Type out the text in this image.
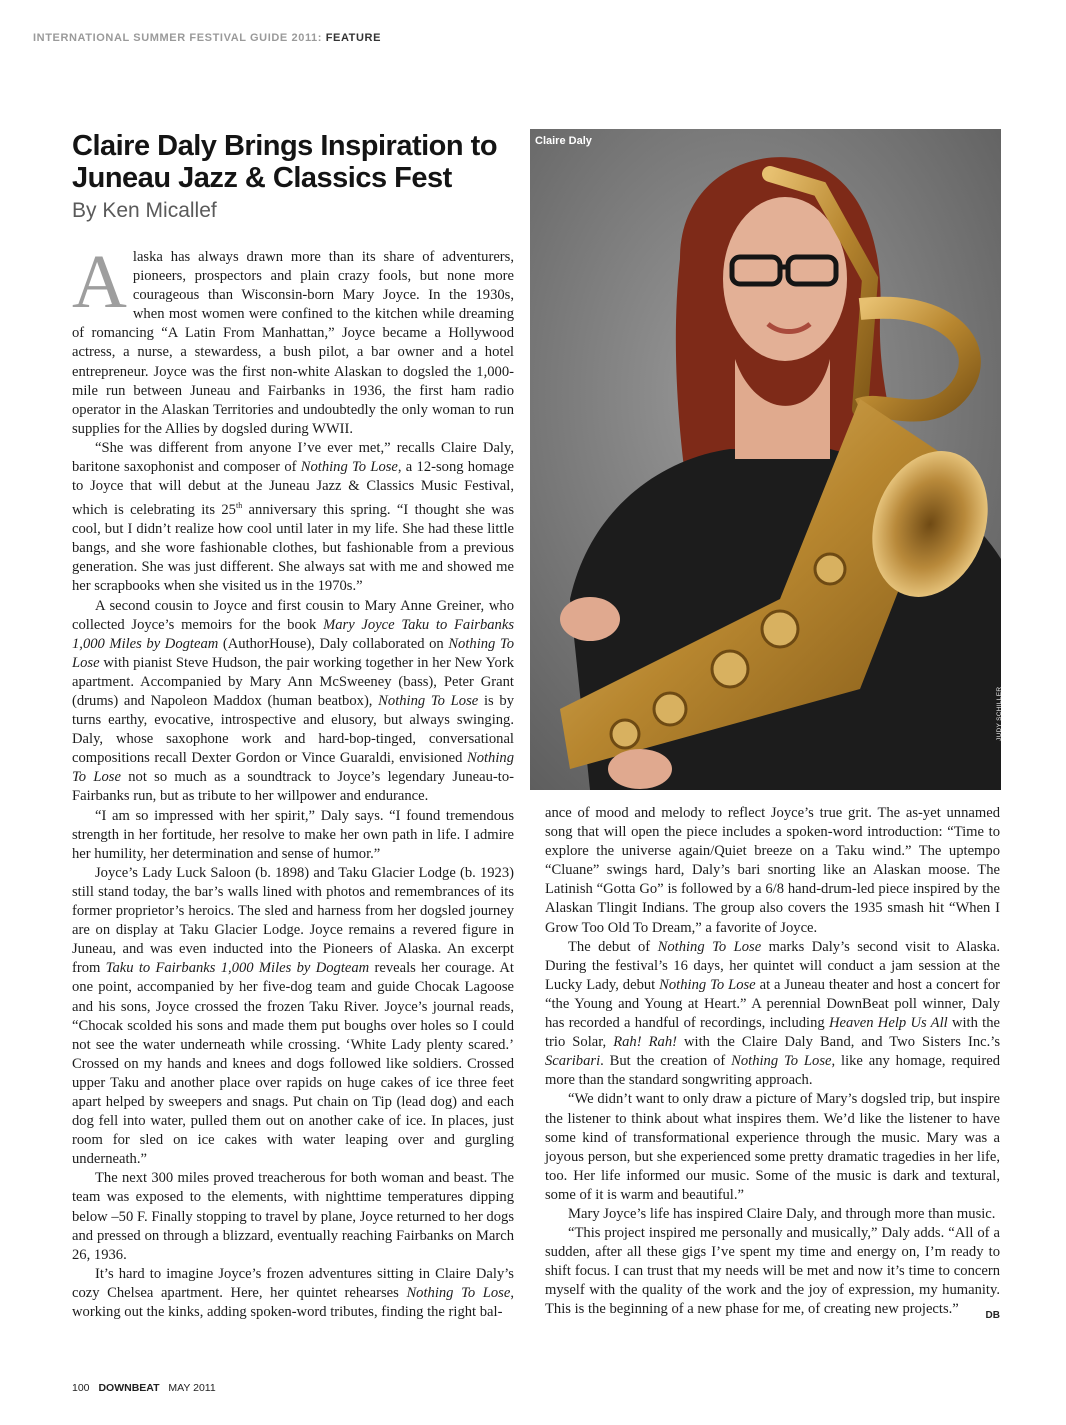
INTERNATIONAL SUMMER FESTIVAL GUIDE 2011: FEATURE
Claire Daly Brings Inspiration to Juneau Jazz & Classics Fest
By Ken Micallef

Alaska has always drawn more than its share of adventurers, pioneers, prospectors and plain crazy fools, but none more courageous than Wisconsin-born Mary Joyce. In the 1930s, when most women were confined to the kitchen while dreaming of romancing “A Latin From Manhattan,” Joyce became a Hollywood actress, a nurse, a stewardess, a bush pilot, a bar owner and a hotel entrepreneur. Joyce was the first non-white Alaskan to dogsled the 1,000-mile run between Juneau and Fairbanks in 1936, the first ham radio operator in the Alaskan Territories and undoubtedly the only woman to run supplies for the Allies by dogsled during WWII.

“She was different from anyone I’ve ever met,” recalls Claire Daly, baritone saxophonist and composer of Nothing To Lose, a 12-song homage to Joyce that will debut at the Juneau Jazz & Classics Music Festival, which is celebrating its 25th anniversary this spring. “I thought she was cool, but I didn’t realize how cool until later in my life. She had these little bangs, and she wore fashionable clothes, but fashionable from a previous generation. She was just different. She always sat with me and showed me her scrapbooks when she visited us in the 1970s.”

A second cousin to Joyce and first cousin to Mary Anne Greiner, who collected Joyce’s memoirs for the book Mary Joyce Taku to Fairbanks 1,000 Miles by Dogteam (AuthorHouse), Daly collaborated on Nothing To Lose with pianist Steve Hudson, the pair working together in her New York apartment. Accompanied by Mary Ann McSweeney (bass), Peter Grant (drums) and Napoleon Maddox (human beatbox), Nothing To Lose is by turns earthy, evocative, introspective and elusory, but always swinging. Daly, whose saxophone work and hard-bop-tinged, conversational compositions recall Dexter Gordon or Vince Guaraldi, envisioned Nothing To Lose not so much as a soundtrack to Joyce’s legendary Juneau-to-Fairbanks run, but as tribute to her willpower and endurance.

“I am so impressed with her spirit,” Daly says. “I found tremendous strength in her fortitude, her resolve to make her own path in life. I admire her humility, her determination and sense of humor.”

Joyce’s Lady Luck Saloon (b. 1898) and Taku Glacier Lodge (b. 1923) still stand today, the bar’s walls lined with photos and remembrances of its former proprietor’s heroics. The sled and harness from her dogsled journey are on display at Taku Glacier Lodge. Joyce remains a revered figure in Juneau, and was even inducted into the Pioneers of Alaska. An excerpt from Taku to Fairbanks 1,000 Miles by Dogteam reveals her courage. At one point, accompanied by her five-dog team and guide Chocak Lagoose and his sons, Joyce crossed the frozen Taku River. Joyce’s journal reads, “Chocak scolded his sons and made them put boughs over holes so I could not see the water underneath while crossing. ‘White Lady plenty scared.’ Crossed on my hands and knees and dogs followed like soldiers. Crossed upper Taku and another place over rapids on huge cakes of ice three feet apart helped by sweepers and snags. Put chain on Tip (lead dog) and each dog fell into water, pulled them out on another cake of ice. In places, just room for sled on ice cakes with water leaping over and gurgling underneath.”

The next 300 miles proved treacherous for both woman and beast. The team was exposed to the elements, with nighttime temperatures dipping below –50 F. Finally stopping to travel by plane, Joyce returned to her dogs and pressed on through a blizzard, eventually reaching Fairbanks on March 26, 1936.

It’s hard to imagine Joyce’s frozen adventures sitting in Claire Daly’s cozy Chelsea apartment. Here, her quintet rehearses Nothing To Lose, working out the kinks, adding spoken-word tributes, finding the right bal-

Claire Daly
JUDY SCHILLER

ance of mood and melody to reflect Joyce’s true grit. The as-yet unnamed song that will open the piece includes a spoken-word introduction: “Time to explore the universe again/Quiet breeze on a Taku wind.” The uptempo “Cluane” swings hard, Daly’s bari snorting like an Alaskan moose. The Latinish “Gotta Go” is followed by a 6/8 hand-drum-led piece inspired by the Alaskan Tlingit Indians. The group also covers the 1935 smash hit “When I Grow Too Old To Dream,” a favorite of Joyce.

The debut of Nothing To Lose marks Daly’s second visit to Alaska. During the festival’s 16 days, her quintet will conduct a jam session at the Lucky Lady, debut Nothing To Lose at a Juneau theater and host a concert for “the Young and Young at Heart.” A perennial DownBeat poll winner, Daly has recorded a handful of recordings, including Heaven Help Us All with the trio Solar, Rah! Rah! with the Claire Daly Band, and Two Sisters Inc.’s Scaribari. But the creation of Nothing To Lose, like any homage, required more than the standard songwriting approach.

“We didn’t want to only draw a picture of Mary’s dogsled trip, but inspire the listener to think about what inspires them. We’d like the listener to have some kind of transformational experience through the music. Mary was a joyous person, but she experienced some pretty dramatic tragedies in her life, too. Her life informed our music. Some of the music is dark and textural, some of it is warm and beautiful.”

Mary Joyce’s life has inspired Claire Daly, and through more than music.

“This project inspired me personally and musically,” Daly adds. “All of a sudden, after all these gigs I’ve spent my time and energy on, I’m ready to shift focus. I can trust that my needs will be met and now it’s time to concern myself with the quality of the work and the joy of expression, my humanity. This is the beginning of a new phase for me, of creating new projects.”	DB

100 DOWNBEAT MAY 2011
